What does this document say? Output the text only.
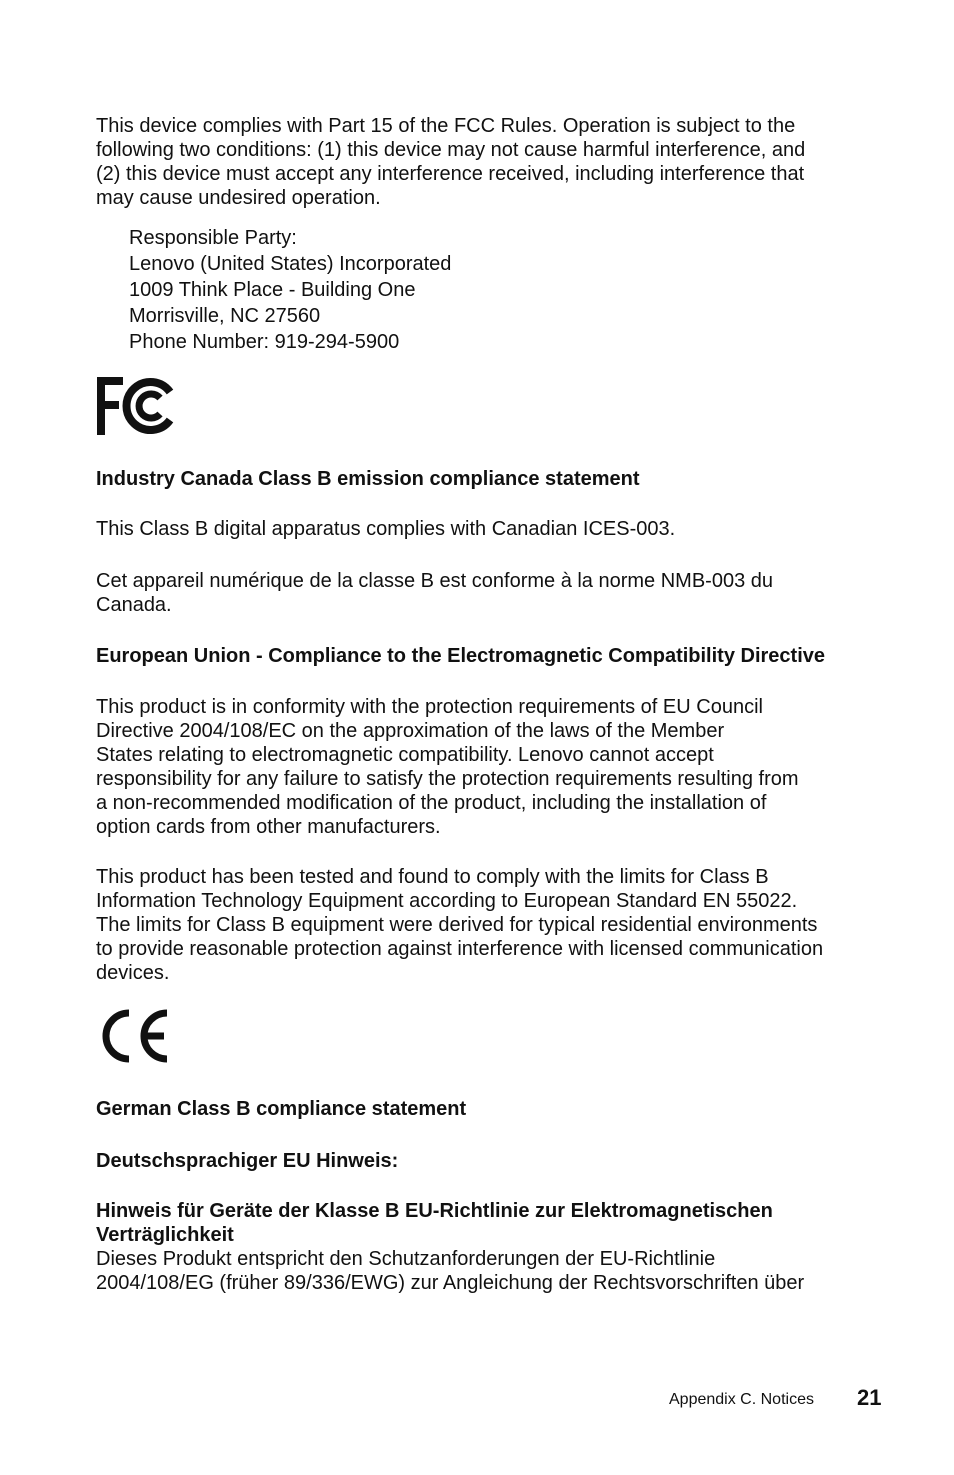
This device complies with Part 15 of the FCC Rules. Operation is subject to the
following two conditions: (1) this device may not cause harmful interference, and
(2) this device must accept any interference received, including interference that
may cause undesired operation.
Responsible Party:
Lenovo (United States) Incorporated
1009 Think Place - Building One
Morrisville, NC 27560
Phone Number: 919-294-5900
Industry Canada Class B emission compliance statement
This Class B digital apparatus complies with Canadian ICES-003.
Cet appareil numérique de la classe B est conforme à la norme NMB-003 du
Canada.
European Union - Compliance to the Electromagnetic Compatibility Directive
This product is in conformity with the protection requirements of EU Council
Directive 2004/108/EC on the approximation of the laws of the Member
States relating to electromagnetic compatibility. Lenovo cannot accept
responsibility for any failure to satisfy the protection requirements resulting from
a non-recommended modification of the product, including the installation of
option cards from other manufacturers.
This product has been tested and found to comply with the limits for Class B
Information Technology Equipment according to European Standard EN 55022.
The limits for Class B equipment were derived for typical residential environments
to provide reasonable protection against interference with licensed communication
devices.
German Class B compliance statement
Deutschsprachiger EU Hinweis:
Hinweis für Geräte der Klasse B EU-Richtlinie zur Elektromagnetischen
Verträglichkeit
Dieses Produkt entspricht den Schutzanforderungen der EU-Richtlinie
2004/108/EG (früher 89/336/EWG) zur Angleichung der Rechtsvorschriften über
Appendix C. Notices 21
